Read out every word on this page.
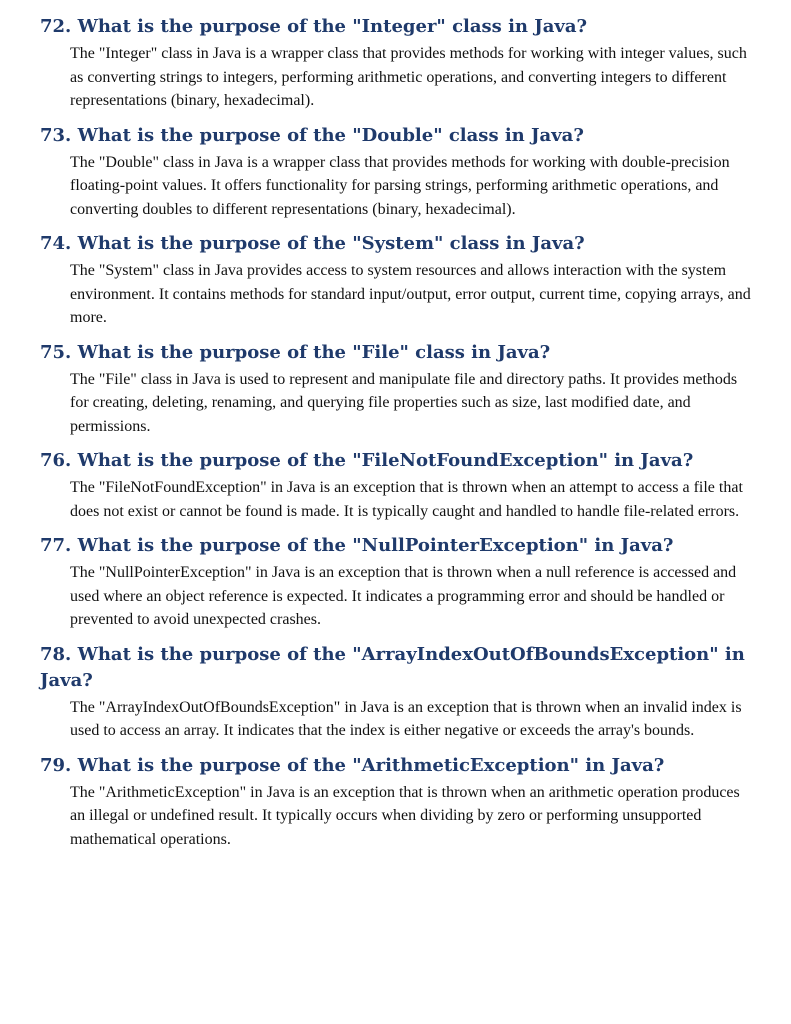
72. What is the purpose of the "Integer" class in Java?
The "Integer" class in Java is a wrapper class that provides methods for working with integer values, such as converting strings to integers, performing arithmetic operations, and converting integers to different representations (binary, hexadecimal).
73. What is the purpose of the "Double" class in Java?
The "Double" class in Java is a wrapper class that provides methods for working with double-precision floating-point values. It offers functionality for parsing strings, performing arithmetic operations, and converting doubles to different representations (binary, hexadecimal).
74. What is the purpose of the "System" class in Java?
The "System" class in Java provides access to system resources and allows interaction with the system environment. It contains methods for standard input/output, error output, current time, copying arrays, and more.
75. What is the purpose of the "File" class in Java?
The "File" class in Java is used to represent and manipulate file and directory paths. It provides methods for creating, deleting, renaming, and querying file properties such as size, last modified date, and permissions.
76. What is the purpose of the "FileNotFoundException" in Java?
The "FileNotFoundException" in Java is an exception that is thrown when an attempt to access a file that does not exist or cannot be found is made. It is typically caught and handled to handle file-related errors.
77. What is the purpose of the "NullPointerException" in Java?
The "NullPointerException" in Java is an exception that is thrown when a null reference is accessed and used where an object reference is expected. It indicates a programming error and should be handled or prevented to avoid unexpected crashes.
78. What is the purpose of the "ArrayIndexOutOfBoundsException" in Java?
The "ArrayIndexOutOfBoundsException" in Java is an exception that is thrown when an invalid index is used to access an array. It indicates that the index is either negative or exceeds the array's bounds.
79. What is the purpose of the "ArithmeticException" in Java?
The "ArithmeticException" in Java is an exception that is thrown when an arithmetic operation produces an illegal or undefined result. It typically occurs when dividing by zero or performing unsupported mathematical operations.
